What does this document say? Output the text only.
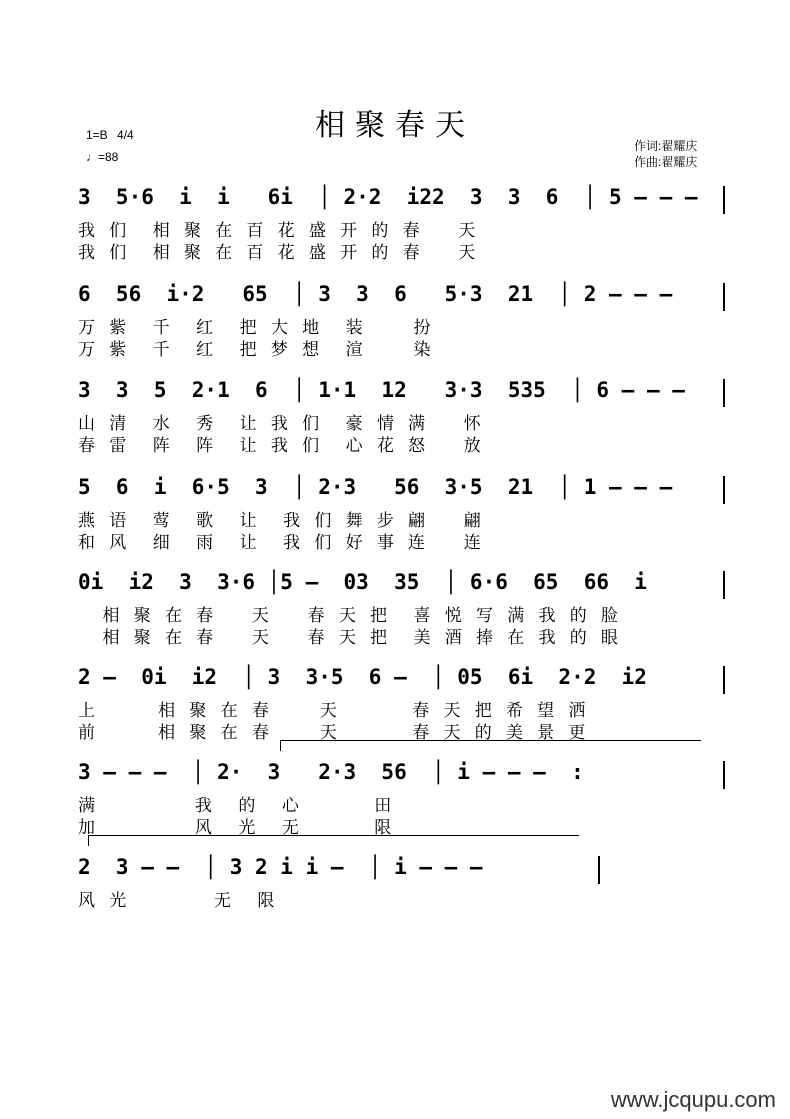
相聚春天
1=B 4/4
♩=88
作词:翟耀庆
作曲:翟耀庆
3  5·6  i  i   6i  │ 2·2  i22  3  3  6  │ 5 – – –
我 们  相 聚 在 百 花 盛 开 的 春   天
我 们  相 聚 在 百 花 盛 开 的 春   天
6  56  i·2   65  │ 3  3  6   5·3  21  │ 2 – – –
万 紫  千  红  把 大 地  装    扮
万 紫  千  红  把 梦 想  渲    染
3  3  5  2·1  6  │ 1·1  12   3·3  535  │ 6 – – –
山 清  水  秀  让 我 们  豪 情 满   怀
春 雷  阵  阵  让 我 们  心 花 怒   放
5  6  i  6·5  3  │ 2·3   56  3·5  21  │ 1 – – –
燕 语  莺  歌  让  我 们 舞 步 翩   翩
和 风  细  雨  让  我 们 好 事 连   连
0i  i2  3  3·6 │5 –  03  35  │ 6·6  65  66  i
相 聚 在 春   天   春 天 把  喜 悦 写 满 我 的 脸
相 聚 在 春   天   春 天 把  美 酒 捧 在 我 的 眼
2 –  0i  i2  │ 3  3·5  6 –  │ 05  6i  2·2  i2
上     相 聚 在 春    天      春 天 把 希 望 洒
前     相 聚 在 春    天      春 天 的 美 景 更
3 – – –  │ 2·  3   2·3  56  │ i – – –  :
满        我  的  心      田
加        风  光  无      限
2  3 – –  │ 3 2 i i –  │ i – – –
风 光       无  限
www.jcqupu.com
